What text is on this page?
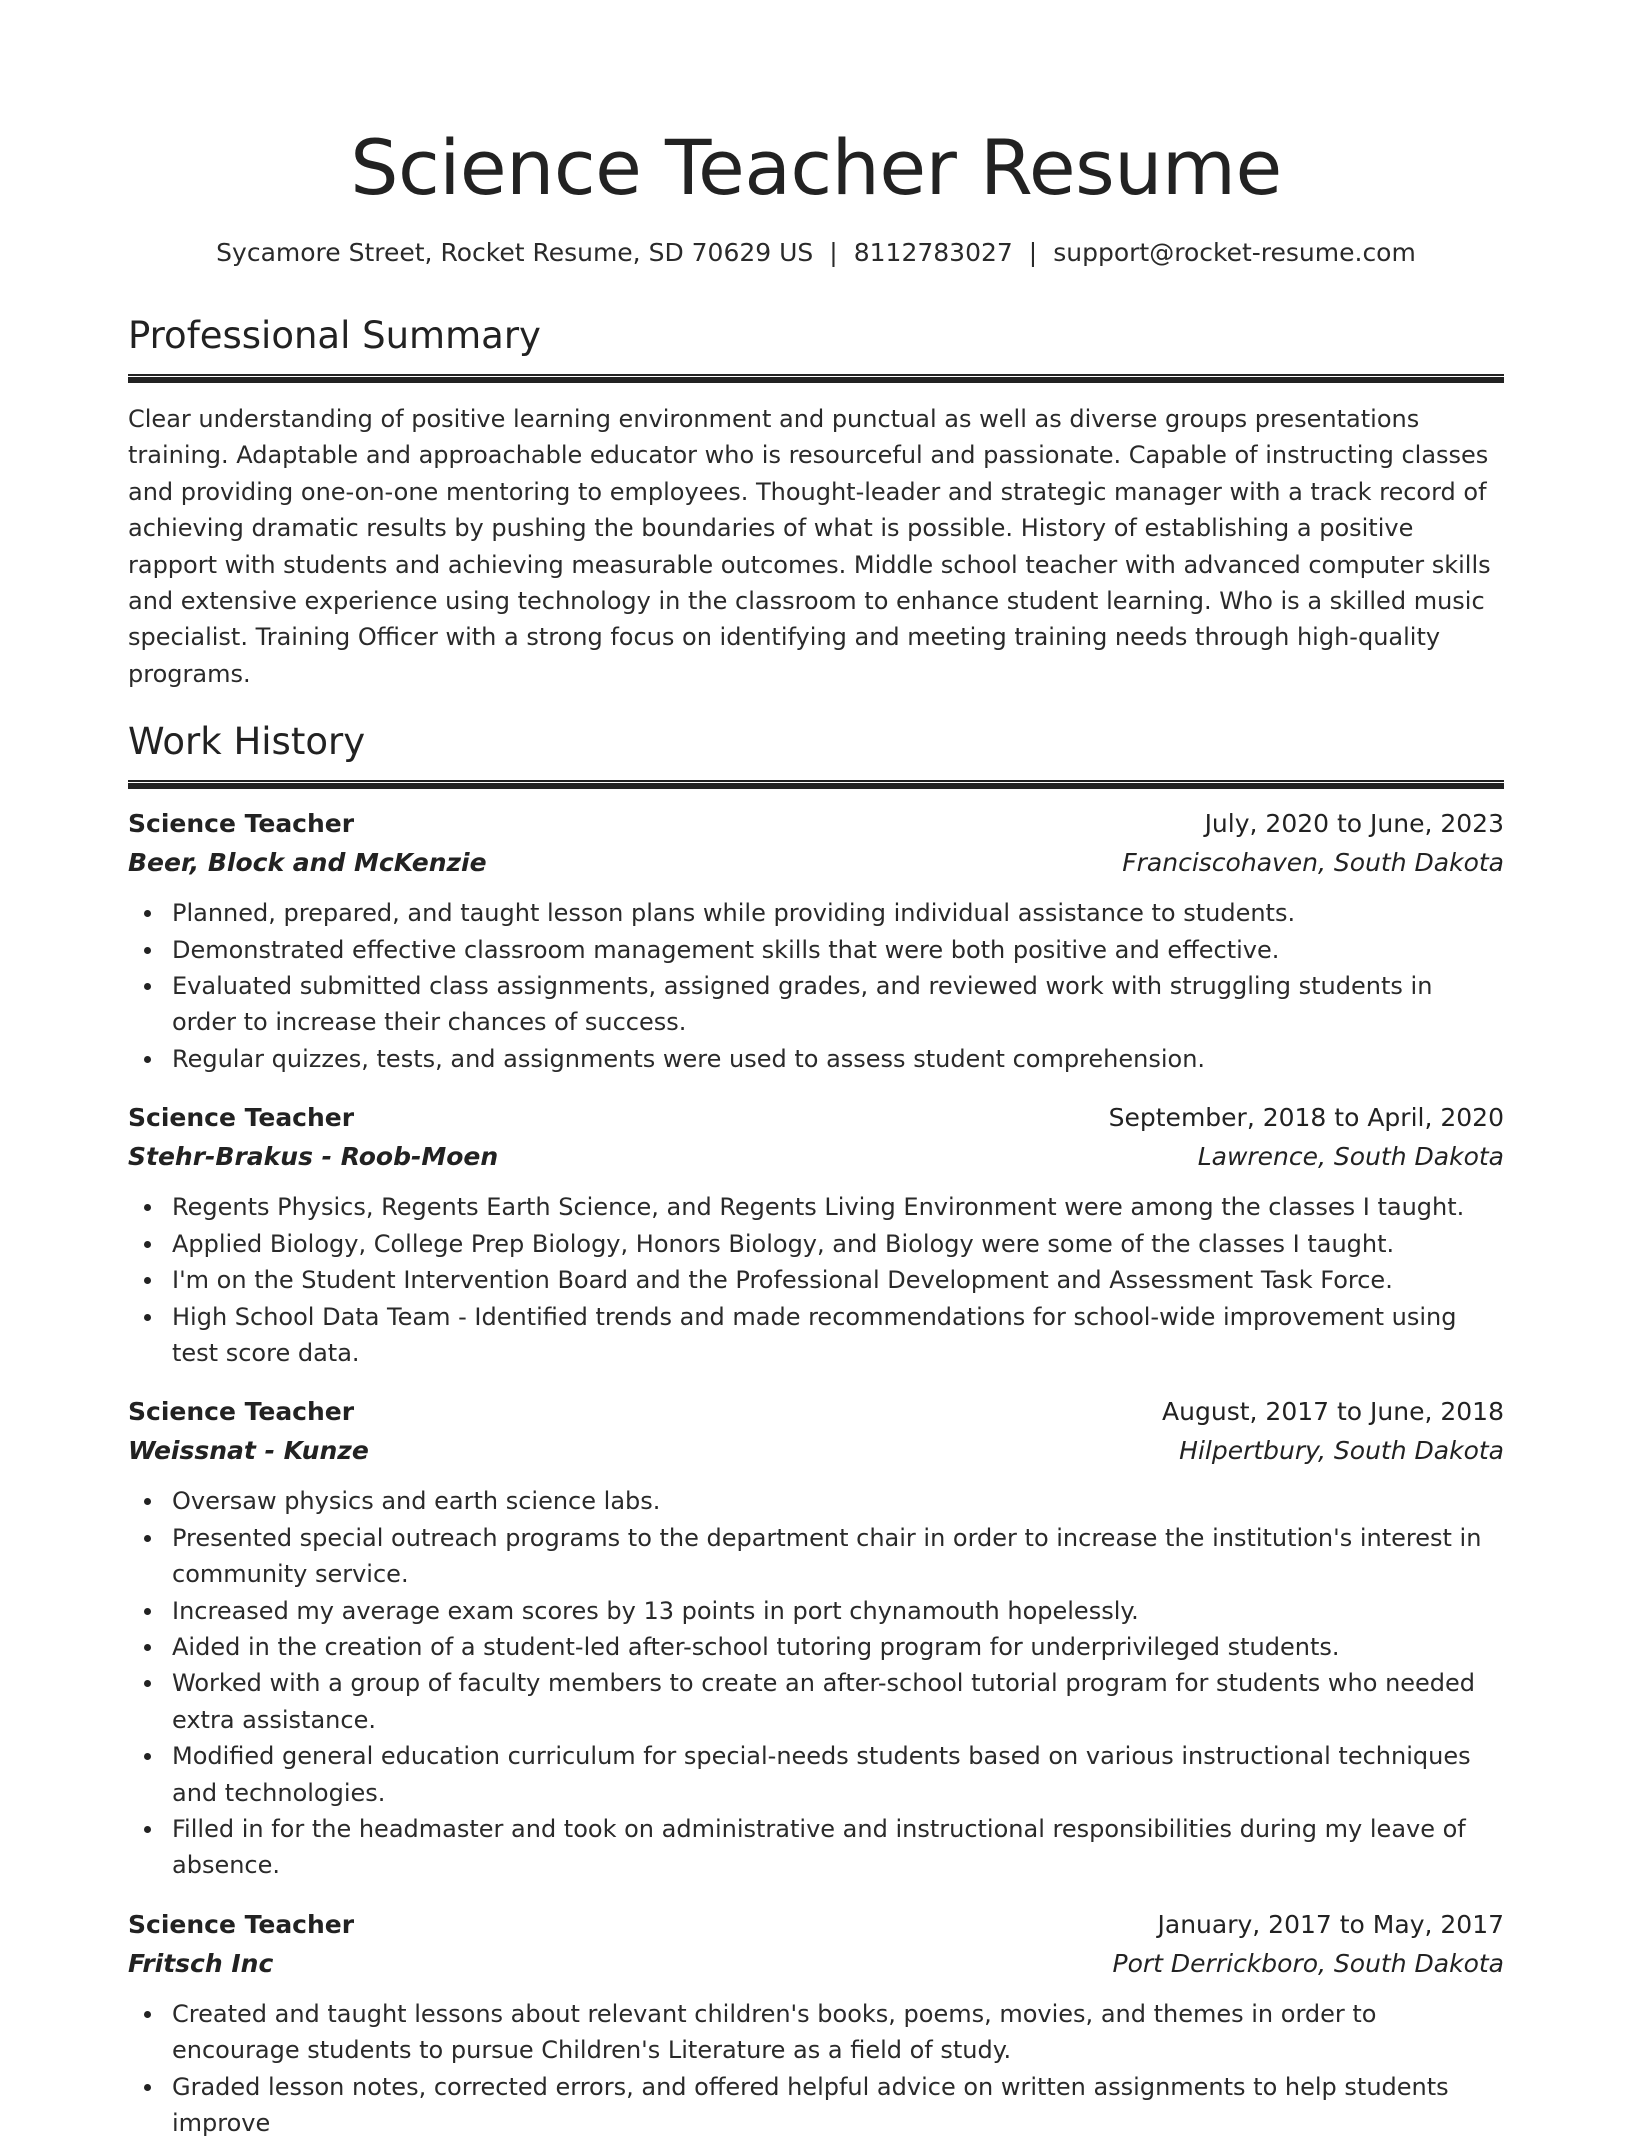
Science Teacher Resume
Sycamore Street, Rocket Resume, SD 70629 US | 8112783027 | support@rocket-resume.com
Professional Summary

Clear understanding of positive learning environment and punctual as well as diverse groups presentations training. Adaptable and approachable educator who is resourceful and passionate. Capable of instructing classes and providing one-on-one mentoring to employees. Thought-leader and strategic manager with a track record of achieving dramatic results by pushing the boundaries of what is possible. History of establishing a positive rapport with students and achieving measurable outcomes. Middle school teacher with advanced computer skills and extensive experience using technology in the classroom to enhance student learning. Who is a skilled music specialist. Training Officer with a strong focus on identifying and meeting training needs through high-quality programs.

Work History
Science Teacher	July, 2020 to June, 2023
Beer, Block and McKenzie	Franciscohaven, South Dakota
Planned, prepared, and taught lesson plans while providing individual assistance to students.
Demonstrated effective classroom management skills that were both positive and effective.
Evaluated submitted class assignments, assigned grades, and reviewed work with struggling students in order to increase their chances of success.
Regular quizzes, tests, and assignments were used to assess student comprehension.
Science Teacher	September, 2018 to April, 2020
Stehr-Brakus - Roob-Moen	Lawrence, South Dakota
Regents Physics, Regents Earth Science, and Regents Living Environment were among the classes I taught.
Applied Biology, College Prep Biology, Honors Biology, and Biology were some of the classes I taught.
I'm on the Student Intervention Board and the Professional Development and Assessment Task Force.
High School Data Team - Identified trends and made recommendations for school-wide improvement using test score data.
Science Teacher	August, 2017 to June, 2018
Weissnat - Kunze	Hilpertbury, South Dakota
Oversaw physics and earth science labs.
Presented special outreach programs to the department chair in order to increase the institution's interest in community service.
Increased my average exam scores by 13 points in port chynamouth hopelessly.
Aided in the creation of a student-led after-school tutoring program for underprivileged students.
Worked with a group of faculty members to create an after-school tutorial program for students who needed extra assistance.
Modified general education curriculum for special-needs students based on various instructional techniques and technologies.
Filled in for the headmaster and took on administrative and instructional responsibilities during my leave of absence.
Science Teacher	January, 2017 to May, 2017
Fritsch Inc	Port Derrickboro, South Dakota
Created and taught lessons about relevant children's books, poems, movies, and themes in order to encourage students to pursue Children's Literature as a field of study.
Graded lesson notes, corrected errors, and offered helpful advice on written assignments to help students improve
